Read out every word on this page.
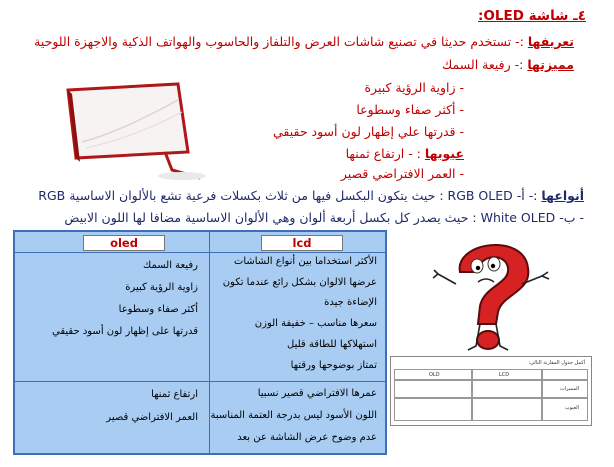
٤ـ شاشة OLED:
تعريفها :- تستخدم حديثا في تصنيع شاشات العرض والتلفاز والحاسوب والهواتف الذكية والاجهزة اللوحية
مميزتها :- رفيعة السمك
- زاوية الرؤية كبيرة
- أكثر صفاء وسطوعا
- قدرتها علي إظهار لون أسود حقيقي
عيوبها : - ارتفاع ثمنها
- العمر الافتراضي قصير
أنواعها :- أ- RGB OLED : حيث يتكون البكسل فيها من ثلاث بكسلات فرعية تشع بالألوان الاساسية RGB
- ب- White OLED : حيث يصدر كل بكسل أربعة ألوان وهي الألوان الاساسية مضافا لها اللون الابيض
oled	lcd
رفيعة السمك
زاوية الرؤية كبيرة
أكثر صفاء وسطوعا
قدرتها على إظهار لون أسود حقيقي
الأكثر استخداما بين أنواع الشاشات
عرضها الالوان بشكل رائع عندما تكون
الإضاءة جيدة
سعرها مناسب – خفيفة الوزن
استهلاكها للطاقة قليل
تمتاز بوضوحها ورقتها
ارتفاع ثمنها
العمر الافتراضي قصير
عمرها الافتراضي قصير نسبيا
اللون الأسود ليس بدرجة العتمة المناسبة
عدم وضوح عرض الشاشة عن بعد
أكمل جدول المقارنة التالي:
OLD	LCD
المميزات
العيوب
